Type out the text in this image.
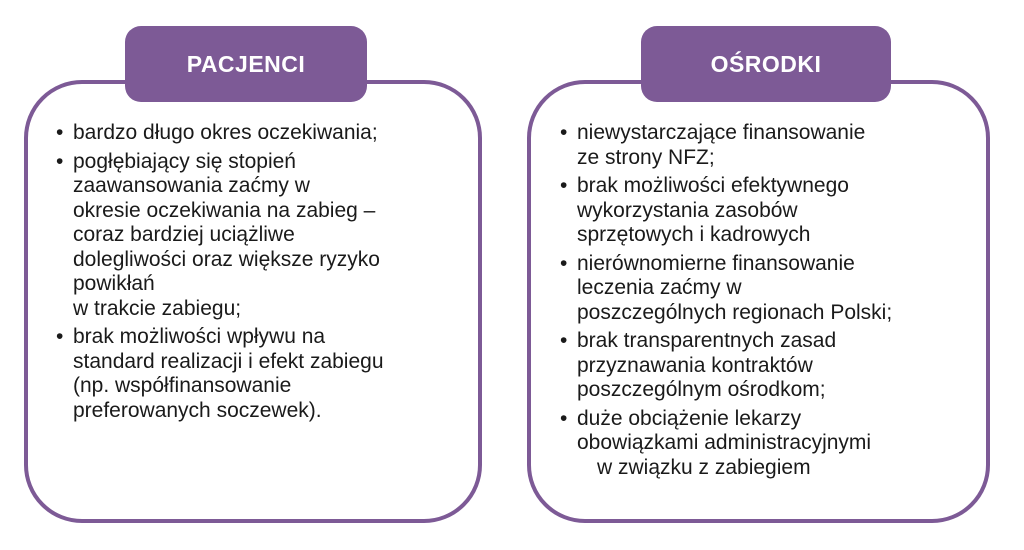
PACJENCI	OŚRODKI
• bardzo długo okres oczekiwania;
• pogłębiający się stopień
zaawansowania zaćmy w
okresie oczekiwania na zabieg –
coraz bardziej uciążliwe
dolegliwości oraz większe ryzyko
powikłań
w trakcie zabiegu;
• brak możliwości wpływu na
standard realizacji i efekt zabiegu
(np. współfinansowanie
preferowanych soczewek).
• niewystarczające finansowanie
ze strony NFZ;
• brak możliwości efektywnego
wykorzystania zasobów
sprzętowych i kadrowych
• nierównomierne finansowanie
leczenia zaćmy w
poszczególnych regionach Polski;
• brak transparentnych zasad
przyznawania kontraktów
poszczególnym ośrodkom;
• duże obciążenie lekarzy
obowiązkami administracyjnymi
w związku z zabiegiem
